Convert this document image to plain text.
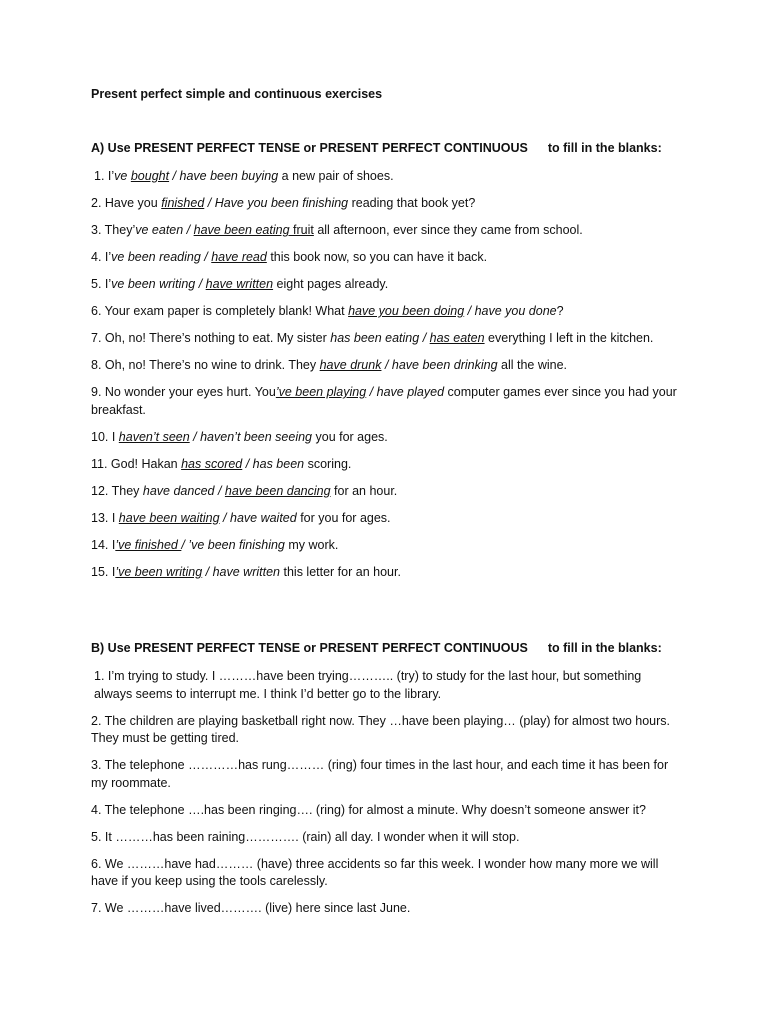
Present perfect simple and continuous exercises
A) Use PRESENT PERFECT TENSE or PRESENT PERFECT CONTINUOUS to fill in the blanks:
1. I’ve bought / have been buying a new pair of shoes.
2. Have you finished / Have you been finishing reading that book yet?
3. They’ve eaten / have been eating fruit all afternoon, ever since they came from school.
4. I’ve been reading / have read this book now, so you can have it back.
5. I’ve been writing / have written eight pages already.
6. Your exam paper is completely blank! What have you been doing / have you done?
7. Oh, no! There’s nothing to eat. My sister has been eating / has eaten everything I left in the kitchen.
8. Oh, no! There’s no wine to drink. They have drunk / have been drinking all the wine.
9. No wonder your eyes hurt. You’ve been playing / have played computer games ever since you had your breakfast.
10. I haven’t seen / haven’t been seeing you for ages.
11. God! Hakan has scored / has been scoring.
12. They have danced / have been dancing for an hour.
13. I have been waiting / have waited for you for ages.
14. I’ve finished / ’ve been finishing my work.
15. I’ve been writing / have written this letter for an hour.
B) Use PRESENT PERFECT TENSE or PRESENT PERFECT CONTINUOUS to fill in the blanks:
1. I’m trying to study. I ………have been trying……….. (try) to study for the last hour, but something always seems to interrupt me. I think I’d better go to the library.
2. The children are playing basketball right now. They …have been playing… (play) for almost two hours. They must be getting tired.
3. The telephone …………has rung……… (ring) four times in the last hour, and each time it has been for my roommate.
4. The telephone ….has been ringing…. (ring) for almost a minute. Why doesn’t someone answer it?
5. It ………has been raining…………. (rain) all day. I wonder when it will stop.
6. We ………have had……… (have) three accidents so far this week. I wonder how many more we will have if you keep using the tools carelessly.
7. We ………have lived………. (live) here since last June.
